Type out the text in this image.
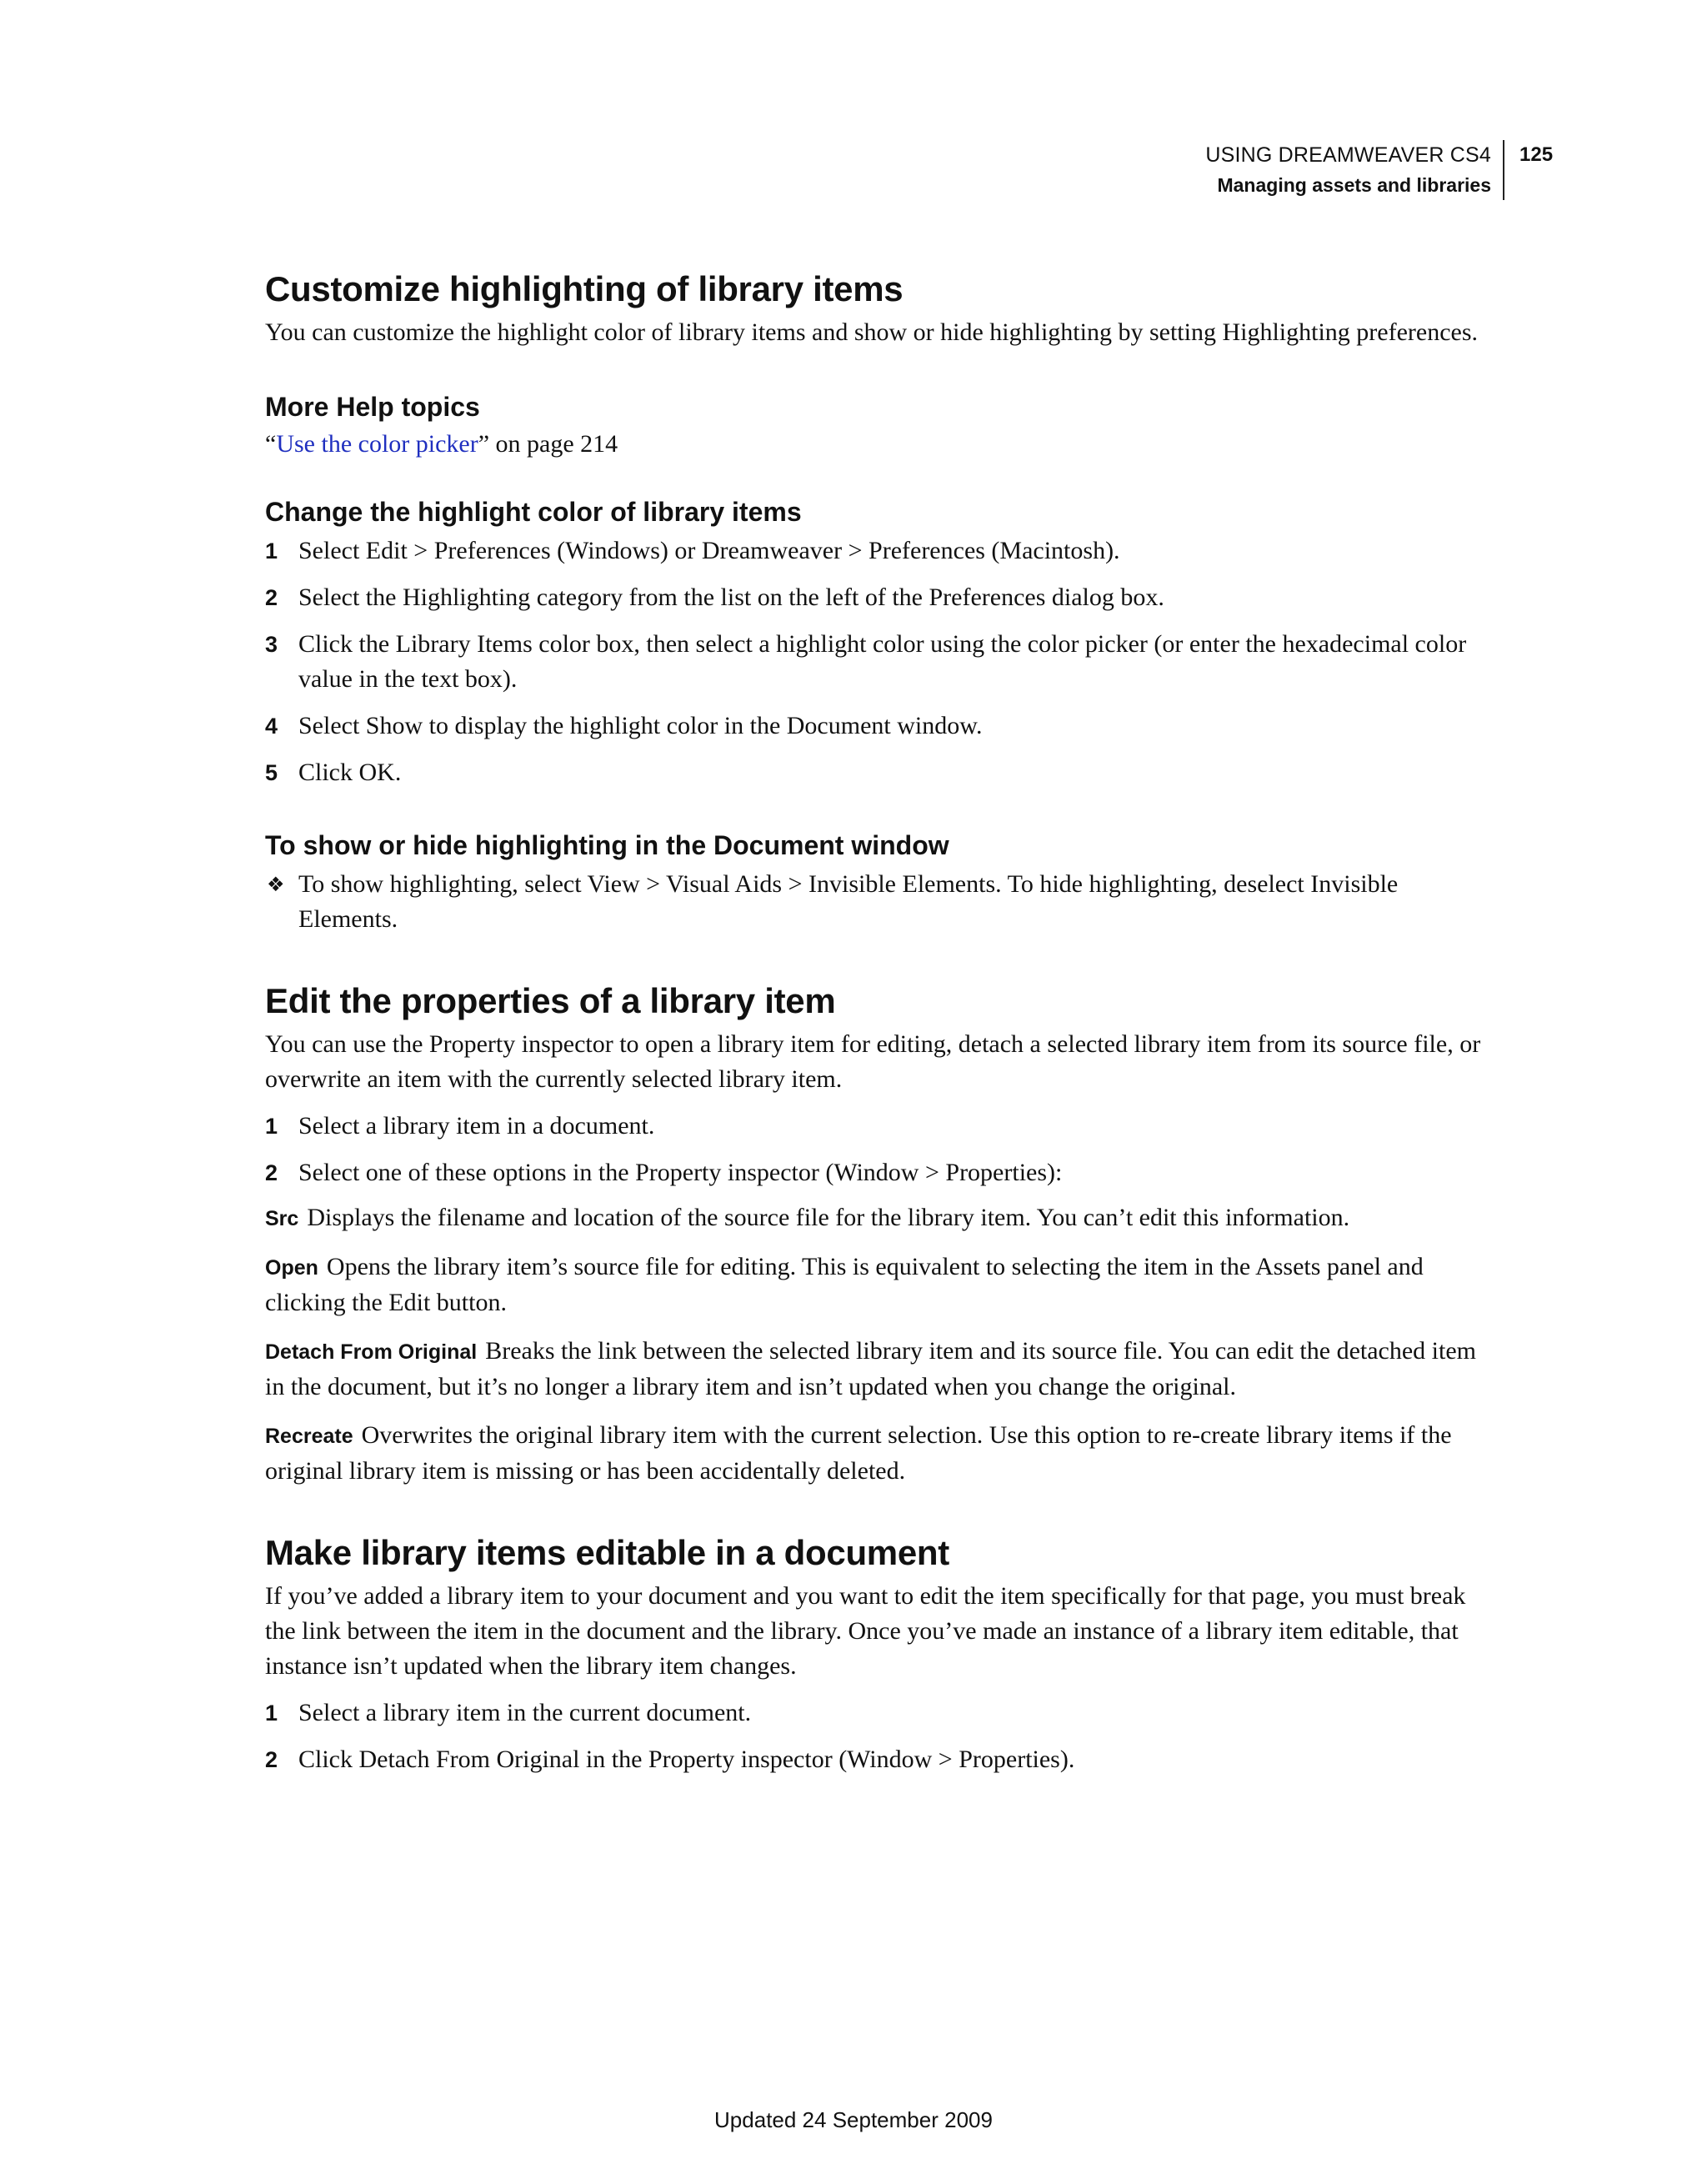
USING DREAMWEAVER CS4
Managing assets and libraries
125
Customize highlighting of library items

You can customize the highlight color of library items and show or hide highlighting by setting Highlighting preferences.

More Help topics

“Use the color picker” on page 214

Change the highlight color of library items
1 Select Edit > Preferences (Windows) or Dreamweaver > Preferences (Macintosh).
2 Select the Highlighting category from the list on the left of the Preferences dialog box.
3 Click the Library Items color box, then select a highlight color using the color picker (or enter the hexadecimal color value in the text box).
4 Select Show to display the highlight color in the Document window.
5 Click OK.
To show or hide highlighting in the Document window
❖ To show highlighting, select View > Visual Aids > Invisible Elements. To hide highlighting, deselect Invisible Elements.
Edit the properties of a library item

You can use the Property inspector to open a library item for editing, detach a selected library item from its source file, or overwrite an item with the currently selected library item.

1 Select a library item in a document.
2 Select one of these options in the Property inspector (Window > Properties):

Src Displays the filename and location of the source file for the library item. You can’t edit this information.

Open Opens the library item’s source file for editing. This is equivalent to selecting the item in the Assets panel and clicking the Edit button.

Detach From Original Breaks the link between the selected library item and its source file. You can edit the detached item in the document, but it’s no longer a library item and isn’t updated when you change the original.

Recreate Overwrites the original library item with the current selection. Use this option to re-create library items if the original library item is missing or has been accidentally deleted.

Make library items editable in a document

If you’ve added a library item to your document and you want to edit the item specifically for that page, you must break the link between the item in the document and the library. Once you’ve made an instance of a library item editable, that instance isn’t updated when the library item changes.

1 Select a library item in the current document.
2 Click Detach From Original in the Property inspector (Window > Properties).
Updated 24 September 2009
